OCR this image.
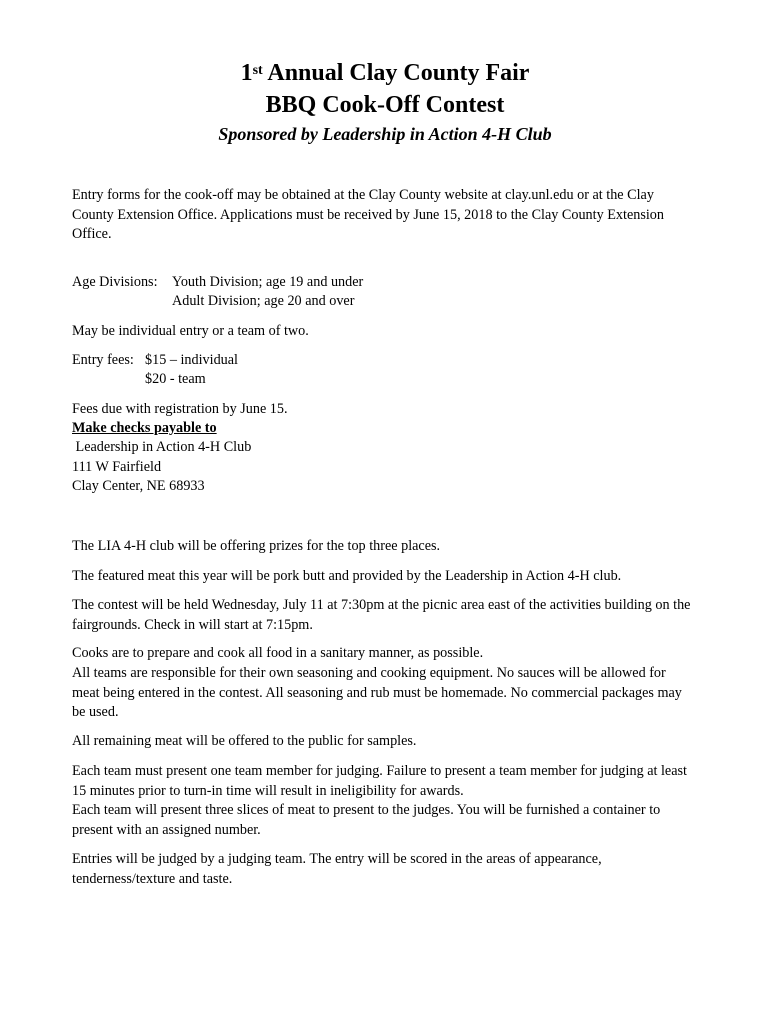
1st Annual Clay County Fair
BBQ Cook-Off Contest
Sponsored by Leadership in Action 4-H Club
Entry forms for the cook-off may be obtained at the Clay County website at clay.unl.edu or at the Clay County Extension Office. Applications must be received by June 15, 2018 to the Clay County Extension Office.
Age Divisions: Youth Division; age 19 and under
Adult Division; age 20 and over
May be individual entry or a team of two.
Entry fees: $15 – individual
$20 - team
Fees due with registration by June 15.
Make checks payable to
Leadership in Action 4-H Club
111 W Fairfield
Clay Center, NE 68933
The LIA 4-H club will be offering prizes for the top three places.
The featured meat this year will be pork butt and provided by the Leadership in Action 4-H club.
The contest will be held Wednesday, July 11 at 7:30pm at the picnic area east of the activities building on the fairgrounds. Check in will start at 7:15pm.
Cooks are to prepare and cook all food in a sanitary manner, as possible.
All teams are responsible for their own seasoning and cooking equipment. No sauces will be allowed for meat being entered in the contest. All seasoning and rub must be homemade. No commercial packages may be used.
All remaining meat will be offered to the public for samples.
Each team must present one team member for judging. Failure to present a team member for judging at least 15 minutes prior to turn-in time will result in ineligibility for awards.
Each team will present three slices of meat to present to the judges. You will be furnished a container to present with an assigned number.
Entries will be judged by a judging team. The entry will be scored in the areas of appearance, tenderness/texture and taste.
